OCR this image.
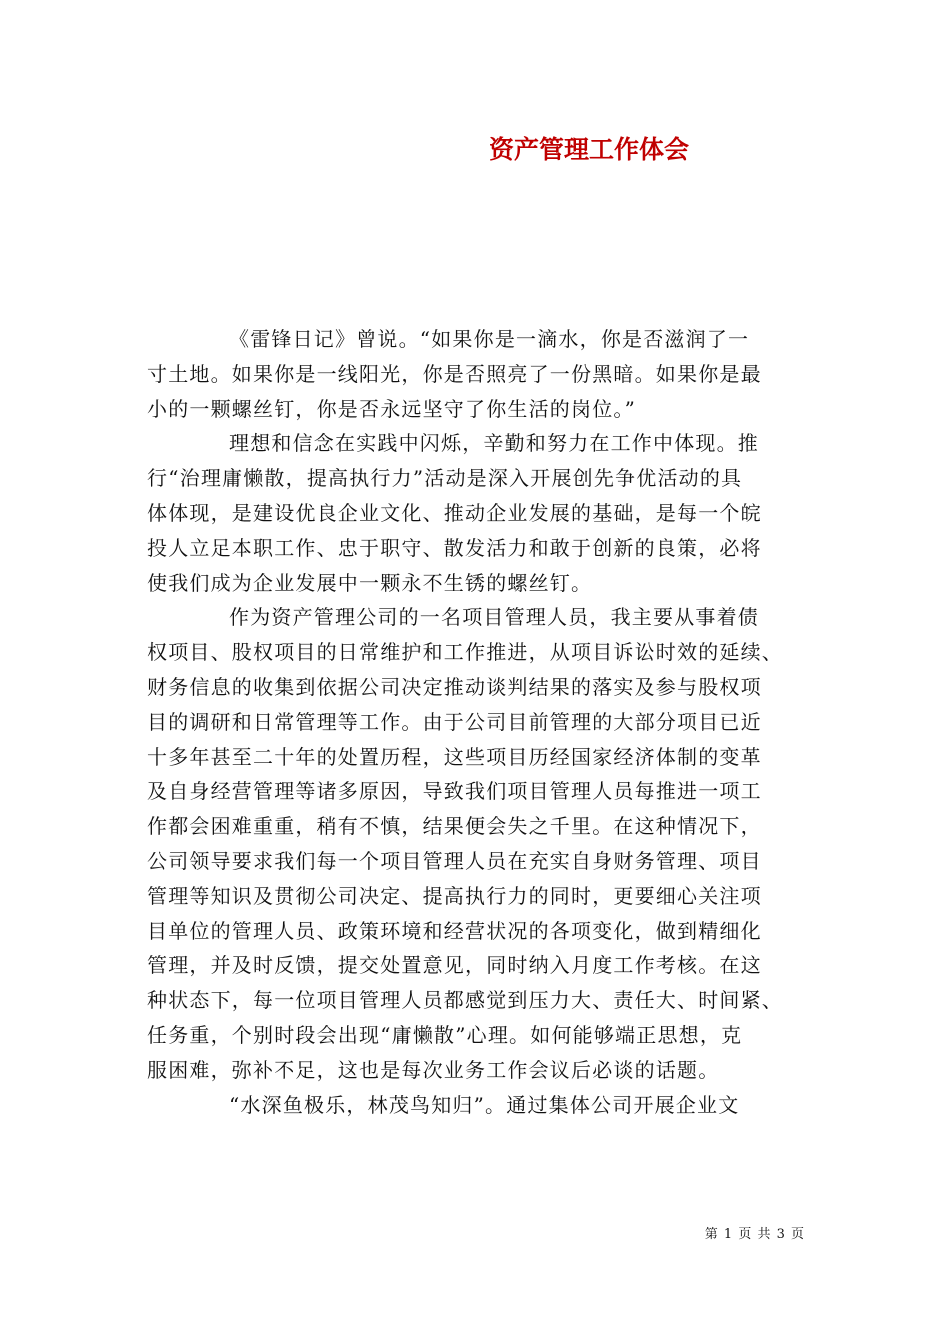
资产管理工作体会
《雷锋日记》曾说。“如果你是一滴水，你是否滋润了一
寸土地。如果你是一线阳光，你是否照亮了一份黑暗。如果你是最
小的一颗螺丝钉，你是否永远坚守了你生活的岗位。”
理想和信念在实践中闪烁，辛勤和努力在工作中体现。推
行“治理庸懒散，提高执行力”活动是深入开展创先争优活动的具
体体现，是建设优良企业文化、推动企业发展的基础，是每一个皖
投人立足本职工作、忠于职守、散发活力和敢于创新的良策，必将
使我们成为企业发展中一颗永不生锈的螺丝钉。
作为资产管理公司的一名项目管理人员，我主要从事着债
权项目、股权项目的日常维护和工作推进，从项目诉讼时效的延续、
财务信息的收集到依据公司决定推动谈判结果的落实及参与股权项
目的调研和日常管理等工作。由于公司目前管理的大部分项目已近
十多年甚至二十年的处置历程，这些项目历经国家经济体制的变革
及自身经营管理等诸多原因，导致我们项目管理人员每推进一项工
作都会困难重重，稍有不慎，结果便会失之千里。在这种情况下，
公司领导要求我们每一个项目管理人员在充实自身财务管理、项目
管理等知识及贯彻公司决定、提高执行力的同时，更要细心关注项
目单位的管理人员、政策环境和经营状况的各项变化，做到精细化
管理，并及时反馈，提交处置意见，同时纳入月度工作考核。在这
种状态下，每一位项目管理人员都感觉到压力大、责任大、时间紧、
任务重，个别时段会出现“庸懒散”心理。如何能够端正思想，克
服困难，弥补不足，这也是每次业务工作会议后必谈的话题。
“水深鱼极乐，林茂鸟知归”。通过集体公司开展企业文
第 1 页 共 3 页
